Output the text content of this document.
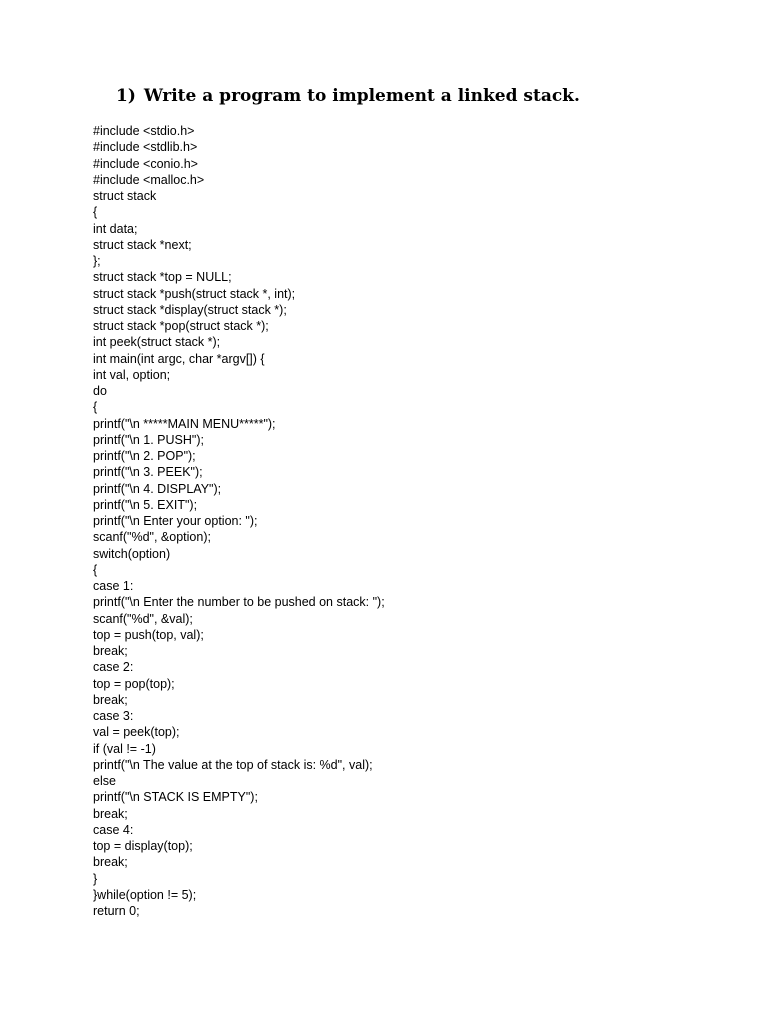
1) Write a program to implement a linked stack.
#include <stdio.h>
#include <stdlib.h>
#include <conio.h>
#include <malloc.h>
struct stack
{
int data;
struct stack *next;
};
struct stack *top = NULL;
struct stack *push(struct stack *, int);
struct stack *display(struct stack *);
struct stack *pop(struct stack *);
int peek(struct stack *);
int main(int argc, char *argv[]) {
int val, option;
do
{
printf("\n *****MAIN MENU*****");
printf("\n 1. PUSH");
printf("\n 2. POP");
printf("\n 3. PEEK");
printf("\n 4. DISPLAY");
printf("\n 5. EXIT");
printf("\n Enter your option: ");
scanf("%d", &option);
switch(option)
{
case 1:
printf("\n Enter the number to be pushed on stack: ");
scanf("%d", &val);
top = push(top, val);
break;
case 2:
top = pop(top);
break;
case 3:
val = peek(top);
if (val != -1)
printf("\n The value at the top of stack is: %d", val);
else
printf("\n STACK IS EMPTY");
break;
case 4:
top = display(top);
break;
}
}while(option != 5);
return 0;
